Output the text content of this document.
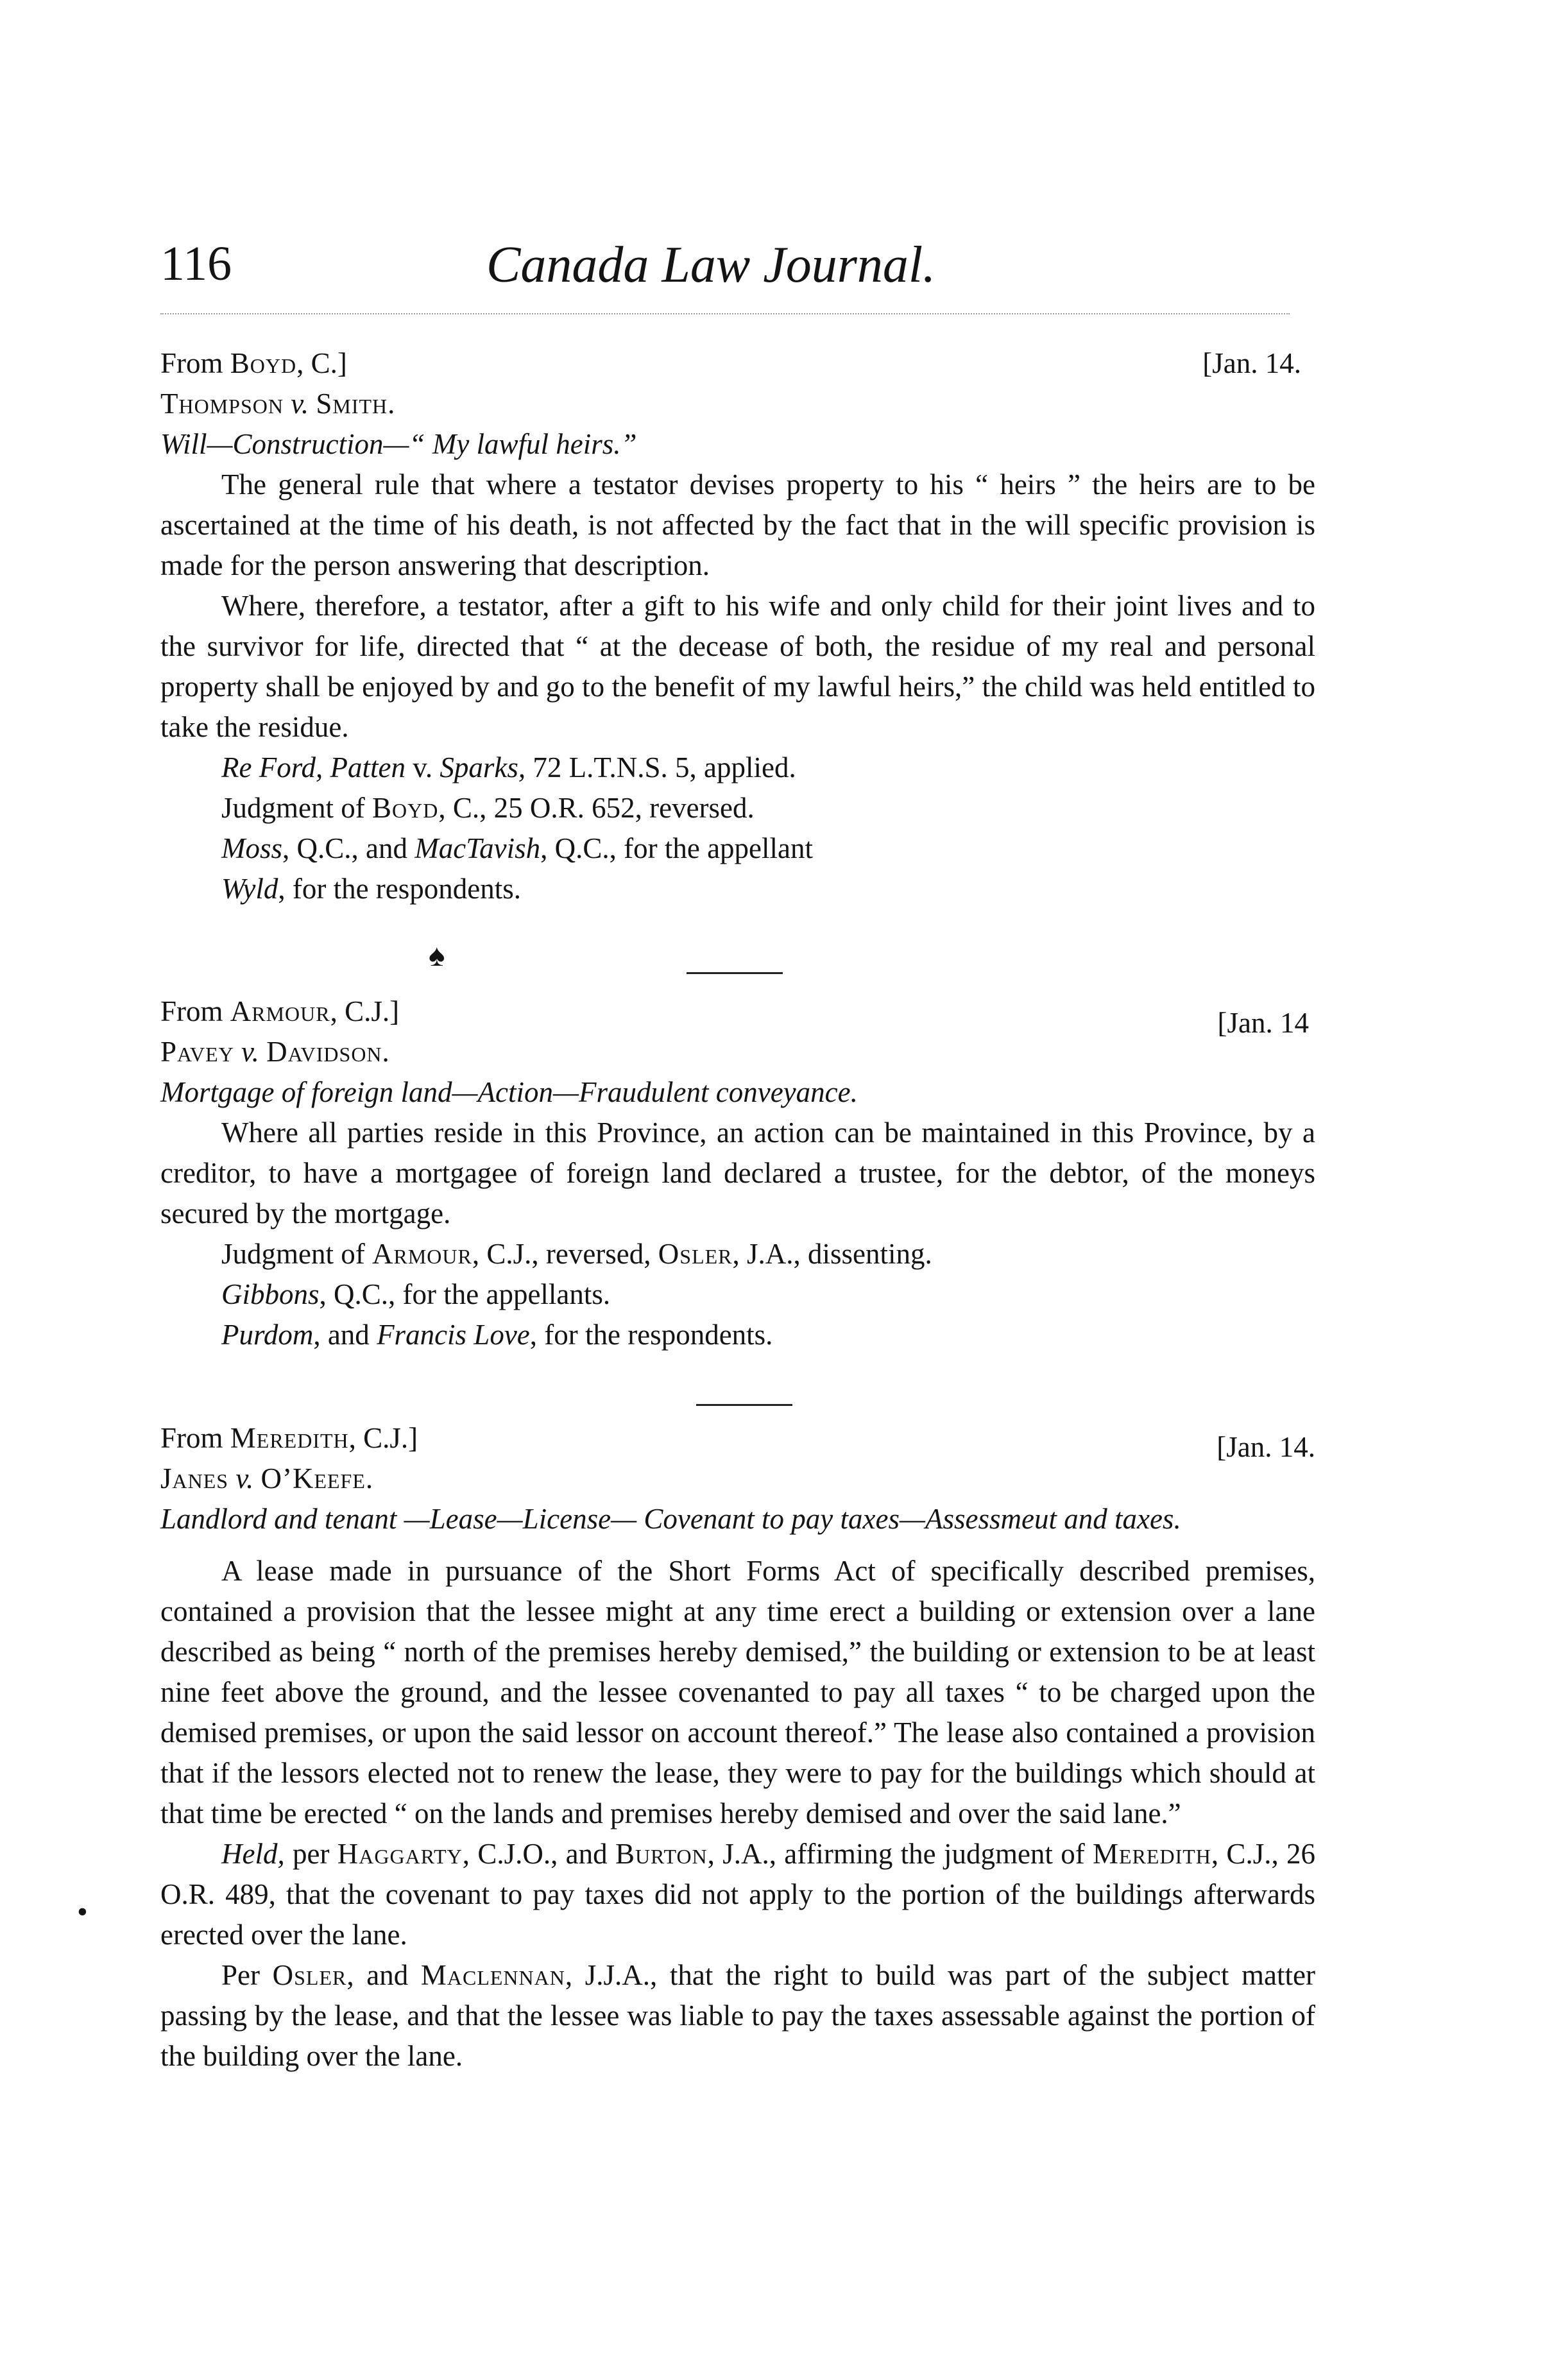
116	Canada Law Journal.
From Boyd, C.]	[Jan. 14.

Thompson v. Smith.

Will—Construction—“ My lawful heirs.”

The general rule that where a testator devises property to his “ heirs ” the heirs are to be ascertained at the time of his death, is not affected by the fact that in the will specific provision is made for the person answering that description.

Where, therefore, a testator, after a gift to his wife and only child for their joint lives and to the survivor for life, directed that “ at the decease of both, the residue of my real and personal property shall be enjoyed by and go to the benefit of my lawful heirs,” the child was held entitled to take the residue.

Re Ford, Patten v. Sparks, 72 L.T.N.S. 5, applied.

Judgment of Boyd, C., 25 O.R. 652, reversed.

Moss, Q.C., and MacTavish, Q.C., for the appellant

Wyld, for the respondents.

♠
From Armour, C.J.]	[Jan. 14

Pavey v. Davidson.

Mortgage of foreign land—Action—Fraudulent conveyance.

Where all parties reside in this Province, an action can be maintained in this Province, by a creditor, to have a mortgagee of foreign land declared a trustee, for the debtor, of the moneys secured by the mortgage.

Judgment of Armour, C.J., reversed, Osler, J.A., dissenting.

Gibbons, Q.C., for the appellants.

Purdom, and Francis Love, for the respondents.

From Meredith, C.J.]	[Jan. 14.

Janes v. O’Keefe.

Landlord and tenant —Lease—License— Covenant to pay taxes—Assessmeut and taxes.

A lease made in pursuance of the Short Forms Act of specifically described premises, contained a provision that the lessee might at any time erect a building or extension over a lane described as being “ north of the premises hereby demised,” the building or extension to be at least nine feet above the ground, and the lessee covenanted to pay all taxes “ to be charged upon the demised premises, or upon the said lessor on account thereof.” The lease also contained a provision that if the lessors elected not to renew the lease, they were to pay for the buildings which should at that time be erected “ on the lands and premises hereby demised and over the said lane.”

Held, per Haggarty, C.J.O., and Burton, J.A., affirming the judgment of Meredith, C.J., 26 O.R. 489, that the covenant to pay taxes did not apply to the portion of the buildings afterwards erected over the lane.

Per Osler, and Maclennan, J.J.A., that the right to build was part of the subject matter passing by the lease, and that the lessee was liable to pay the taxes assessable against the portion of the building over the lane.

•
